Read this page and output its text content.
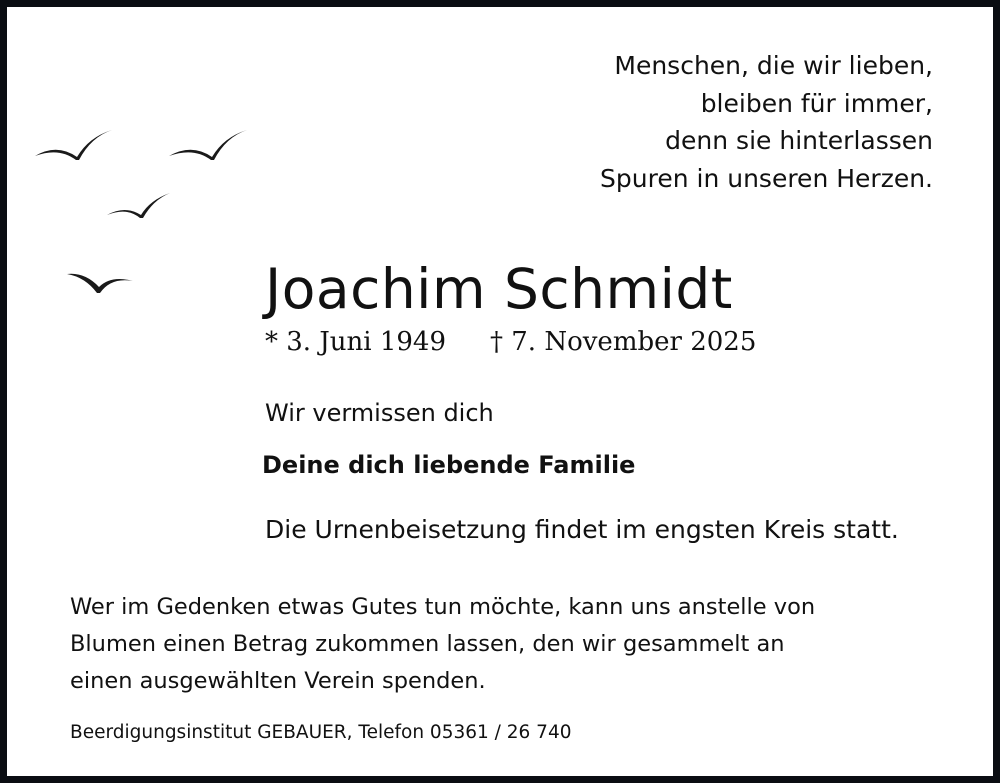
Menschen, die wir lieben,
bleiben für immer,
denn sie hinterlassen
Spuren in unseren Herzen.
Joachim Schmidt
* 3. Juni 1949 † 7. November 2025
Wir vermissen dich
Deine dich liebende Familie
Die Urnenbeisetzung findet im engsten Kreis statt.
Wer im Gedenken etwas Gutes tun möchte, kann uns anstelle von
Blumen einen Betrag zukommen lassen, den wir gesammelt an
einen ausgewählten Verein spenden.
Beerdigungsinstitut GEBAUER, Telefon 05361 / 26 740
